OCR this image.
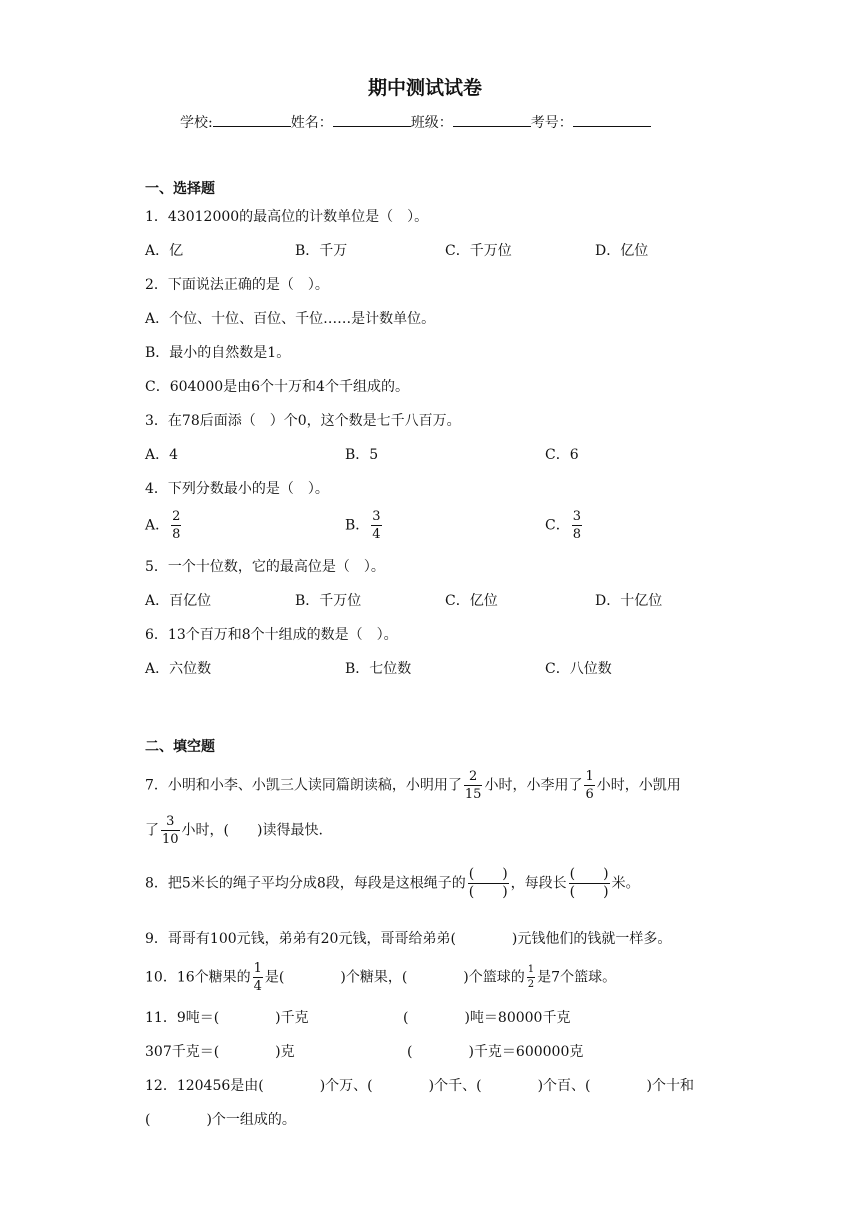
期中测试试卷
学校:	姓名：	班级：	考号：
一、选择题
1．43012000的最高位的计数单位是（　）。
A．亿	B．千万	C．千万位	D．亿位
2．下面说法正确的是（　）。
A．个位、十位、百位、千位……是计数单位。
B．最小的自然数是1。
C．604000是由6个十万和4个千组成的。
3．在78后面添（　）个0，这个数是七千八百万。
A．4	B．5	C．6
4．下列分数最小的是（　）。
A． $\frac{2}{8}$	B． $\frac{3}{4}$	C． $\frac{3}{8}$
5．一个十位数，它的最高位是（　）。
A．百亿位	B．千万位	C．亿位	D．十亿位
6．13个百万和8个十组成的数是（　）。
A．六位数	B．七位数	C．八位数
二、填空题
7．小明和小李、小凯三人读同篇朗读稿，小明用了 $\frac{2}{15}$ 小时，小李用了 $\frac{1}{6}$ 小时，小凯用
了 $\frac{3}{10}$ 小时，(　　)读得最快.
8．把5米长的绳子平均分成8段，每段是这根绳子的
(　　)
(　　)
，每段长
(　　)
(　　)
米。
9．哥哥有100元钱，弟弟有20元钱，哥哥给弟弟(　　　　)元钱他们的钱就一样多。
10．16个糖果的 $\frac{1}{4}$ 是(　　　　)个糖果，(　　　　)个篮球的 $\frac{1}{2}$ 是7个篮球。
11．9吨＝(　　　　)千克	(　　　　)吨＝80000千克
307千克＝(　　　　)克	(　　　　)千克＝600000克
12．120456是由(　　　　)个万、(　　　　)个千、(　　　　)个百、(　　　　)个十和
(　　　　)个一组成的。
